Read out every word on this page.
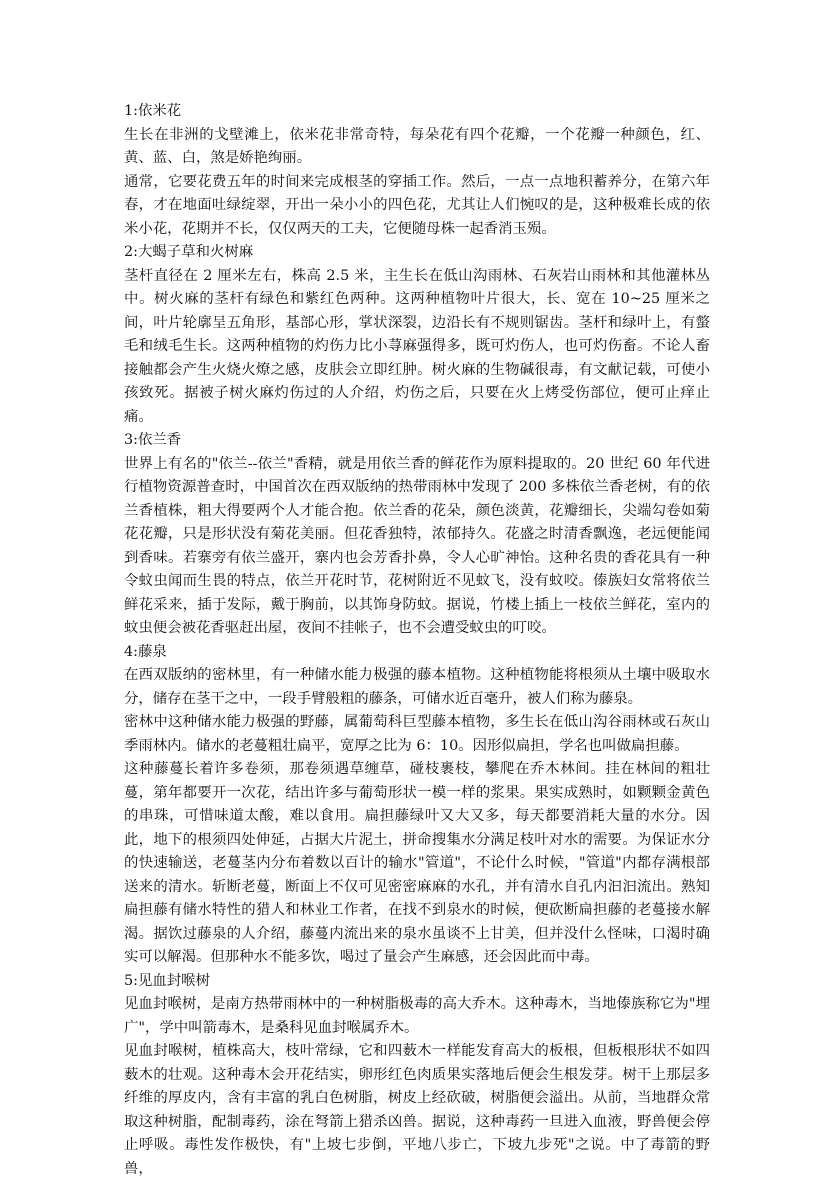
1:依米花

生长在非洲的戈壁滩上，依米花非常奇特，每朵花有四个花瓣，一个花瓣一种颜色，红、黄、蓝、白，煞是娇艳绚丽。

通常，它要花费五年的时间来完成根茎的穿插工作。然后，一点一点地积蓄养分，在第六年春，才在地面吐绿绽翠，开出一朵小小的四色花，尤其让人们惋叹的是，这种极难长成的依米小花，花期并不长，仅仅两天的工夫，它便随母株一起香消玉殒。

2:大蝎子草和火树麻

茎杆直径在 2 厘米左右，株高 2.5 米，主生长在低山沟雨林、石灰岩山雨林和其他灌林丛中。树火麻的茎杆有绿色和紫红色两种。这两种植物叶片很大，长、宽在 10~25 厘米之间，叶片轮廓呈五角形，基部心形，掌状深裂，边沿长有不规则锯齿。茎杆和绿叶上，有螫毛和绒毛生长。这两种植物的灼伤力比小荨麻强得多，既可灼伤人，也可灼伤畜。不论人畜接触都会产生火烧火燎之感，皮肤会立即红肿。树火麻的生物碱很毒，有文献记载，可使小孩致死。据被子树火麻灼伤过的人介绍，灼伤之后，只要在火上烤受伤部位，便可止痒止痛。

3:依兰香

世界上有名的"依兰--依兰"香精，就是用依兰香的鲜花作为原料提取的。20 世纪 60 年代进行植物资源普查时，中国首次在西双版纳的热带雨林中发现了 200 多株依兰香老树，有的依兰香植株，粗大得要两个人才能合抱。依兰香的花朵，颜色淡黄，花瓣细长，尖端勾卷如菊花花瓣，只是形状没有菊花美丽。但花香独特，浓郁持久。花盛之时清香飘逸，老远便能闻到香味。若寨旁有依兰盛开，寨内也会芳香扑鼻，令人心旷神怡。这种名贵的香花具有一种令蚊虫闻而生畏的特点，依兰开花时节，花树附近不见蚊飞，没有蚊咬。傣族妇女常将依兰鲜花采来，插于发际，戴于胸前，以其饰身防蚊。据说，竹楼上插上一枝依兰鲜花，室内的蚊虫便会被花香驱赶出屋，夜间不挂帐子，也不会遭受蚊虫的叮咬。

4:藤泉

在西双版纳的密林里，有一种储水能力极强的藤本植物。这种植物能将根须从土壤中吸取水分，储存在茎干之中，一段手臂般粗的藤条，可储水近百毫升，被人们称为藤泉。

密林中这种储水能力极强的野藤，属葡萄科巨型藤本植物，多生长在低山沟谷雨林或石灰山季雨林内。储水的老蔓粗壮扁平，宽厚之比为 6：10。因形似扁担，学名也叫做扁担藤。

这种藤蔓长着许多卷须，那卷须遇草缠草，碰枝裹枝，攀爬在乔木林间。挂在林间的粗壮蔓，第年都要开一次花，结出许多与葡萄形状一模一样的浆果。果实成熟时，如颗颗金黄色的串珠，可惜味道太酸，难以食用。扁担藤绿叶又大又多，每天都要消耗大量的水分。因此，地下的根须四处伸延，占据大片泥土，拼命搜集水分满足枝叶对水的需要。为保证水分的快速输送，老蔓茎内分布着数以百计的输水"管道"，不论什么时候，"管道"内都存满根部送来的清水。斩断老蔓，断面上不仅可见密密麻麻的水孔，并有清水自孔内汩汩流出。熟知扁担藤有储水特性的猎人和林业工作者，在找不到泉水的时候，便砍断扁担藤的老蔓接水解渴。据饮过藤泉的人介绍，藤蔓内流出来的泉水虽谈不上甘美，但并没什么怪味，口渴时确实可以解渴。但那种水不能多饮，喝过了量会产生麻感，还会因此而中毒。

5:见血封喉树

见血封喉树，是南方热带雨林中的一种树脂极毒的高大乔木。这种毒木，当地傣族称它为"埋广"，学中叫箭毒木，是桑科见血封喉属乔木。

见血封喉树，植株高大，枝叶常绿，它和四薮木一样能发育高大的板根，但板根形状不如四薮木的壮观。这种毒木会开花结实，卵形红色肉质果实落地后便会生根发芽。树干上那层多纤维的厚皮内，含有丰富的乳白色树脂，树皮上经砍破，树脂便会溢出。从前，当地群众常取这种树脂，配制毒药，涂在弩箭上猎杀凶兽。据说，这种毒药一旦进入血液，野兽便会停止呼吸。毒性发作极快，有"上坡七步倒，平地八步亡，下坡九步死"之说。中了毒箭的野兽，
